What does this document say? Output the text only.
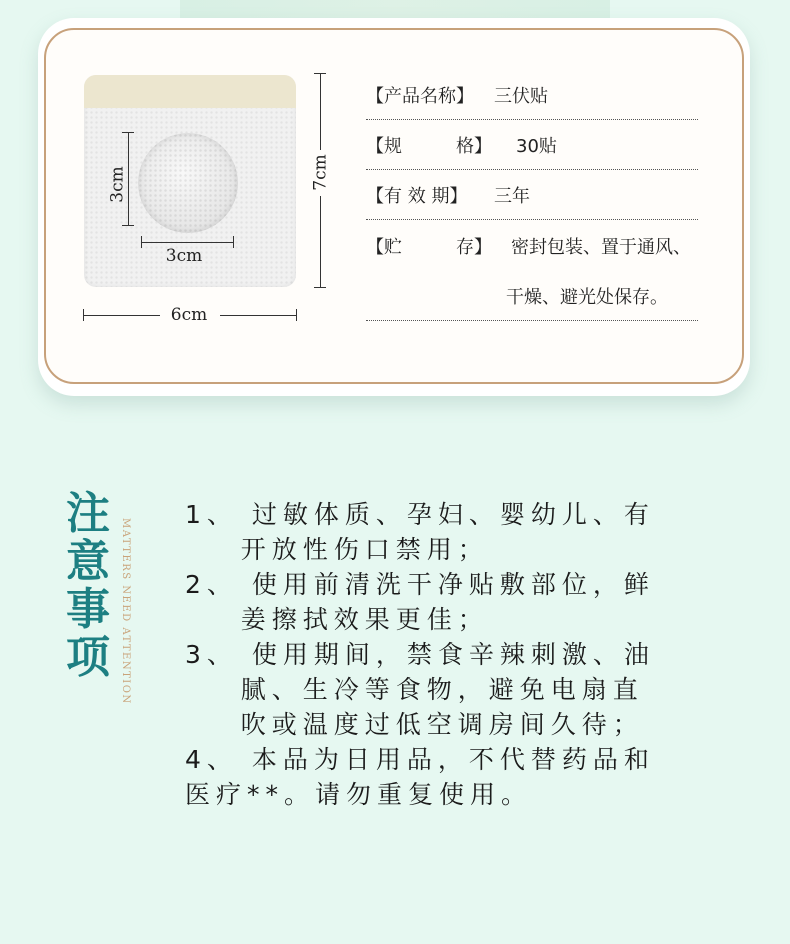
3cm
3cm
7cm
6cm
【产品名称】 三伏贴
【规　　　格】 30贴
【有 效 期】 三年
【贮　　　存】 密封包装、置于通风、
干燥、避光处保存。
注
意
事
项	MATTERS NEED ATTENTION
1、 过敏体质、孕妇、婴幼儿、有
开放性伤口禁用；
2、 使用前清洗干净贴敷部位，鲜
姜擦拭效果更佳；
3、 使用期间，禁食辛辣刺激、油
腻、生冷等食物，避免电扇直
吹或温度过低空调房间久待；
4、 本品为日用品，不代替药品和
医疗**。请勿重复使用。
